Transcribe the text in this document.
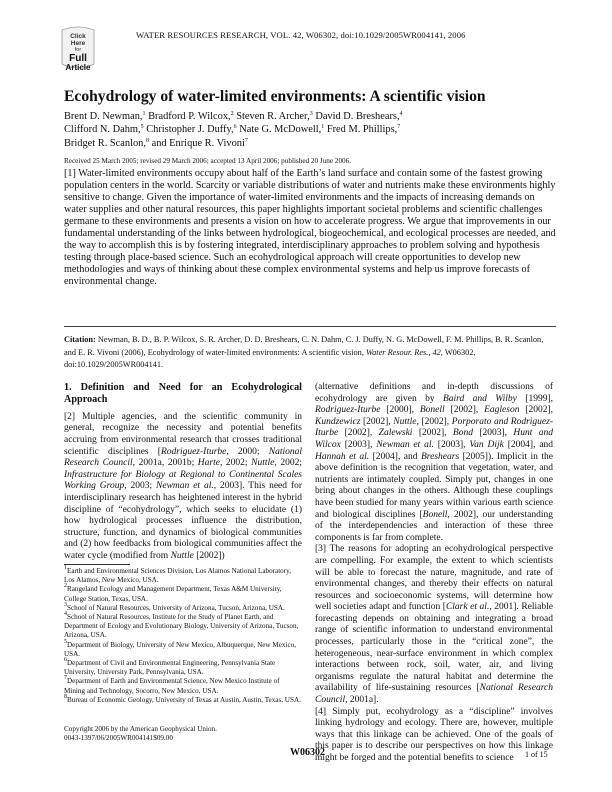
WATER RESOURCES RESEARCH, VOL. 42, W06302, doi:10.1029/2005WR004141, 2006
Click
Here
for
Full
Article
Ecohydrology of water-limited environments: A scientific vision
Brent D. Newman,$^1$ Bradford P. Wilcox,$^2$ Steven R. Archer,$^3$ David D. Breshears,$^4$
Clifford N. Dahm,$^5$ Christopher J. Duffy,$^6$ Nate G. McDowell,$^1$ Fred M. Phillips,$^7$
Bridget R. Scanlon,$^8$ and Enrique R. Vivoni$^7$
Received 25 March 2005; revised 29 March 2006; accepted 13 April 2006; published 20 June 2006.

[1] Water-limited environments occupy about half of the Earth’s land surface and contain some of the fastest growing population centers in the world. Scarcity or variable distributions of water and nutrients make these environments highly sensitive to change. Given the importance of water-limited environments and the impacts of increasing demands on water supplies and other natural resources, this paper highlights important societal problems and scientific challenges germane to these environments and presents a vision on how to accelerate progress. We argue that improvements in our fundamental understanding of the links between hydrological, biogeochemical, and ecological processes are needed, and the way to accomplish this is by fostering integrated, interdisciplinary approaches to problem solving and hypothesis testing through place-based science. Such an ecohydrological approach will create opportunities to develop new methodologies and ways of thinking about these complex environmental systems and help us improve forecasts of environmental change.

Citation: Newman, B. D., B. P. Wilcox, S. R. Archer, D. D. Breshears, C. N. Dahm, C. J. Duffy, N. G. McDowell, F. M. Phillips, B. R. Scanlon, and E. R. Vivoni (2006), Ecohydrology of water-limited environments: A scientific vision, Water Resour. Res., 42, W06302, doi:10.1029/2005WR004141.
1. Definition and Need for an Ecohydrological Approach

[2] Multiple agencies, and the scientific community in general, recognize the necessity and potential benefits accruing from environmental research that crosses traditional scientific disciplines [Rodriguez-Iturbe, 2000; National Research Council, 2001a, 2001b; Harte, 2002; Nuttle, 2002; Infrastructure for Biology at Regional to Continental Scales Working Group, 2003; Newman et al., 2003]. This need for interdisciplinary research has heightened interest in the hybrid discipline of “ecohydrology”, which seeks to elucidate (1) how hydrological processes influence the distribution, structure, function, and dynamics of biological communities and (2) how feedbacks from biological communities affect the water cycle (modified from Nuttle [2002])

$^1$Earth and Environmental Sciences Division, Los Alamos National Laboratory, Los Alamos, New Mexico, USA.
$^2$Rangeland Ecology and Management Department, Texas A&M University, College Station, Texas, USA.
$^3$School of Natural Resources, University of Arizona, Tucson, Arizona, USA.
$^4$School of Natural Resources, Institute for the Study of Planet Earth, and Department of Ecology and Evolutionary Biology, University of Arizona, Tucson, Arizona, USA.
$^5$Department of Biology, University of New Mexico, Albuquerque, New Mexico, USA.
$^6$Department of Civil and Environmental Engineering, Pennsylvania State University, University Park, Pennsylvania, USA.
$^7$Department of Earth and Environmental Science, New Mexico Institute of Mining and Technology, Socorro, New Mexico, USA.
$^8$Bureau of Economic Geology, University of Texas at Austin, Austin, Texas, USA.
Copyright 2006 by the American Geophysical Union.
0043-1397/06/2005WR004141$09.00

(alternative definitions and in-depth discussions of ecohydrology are given by Baird and Wilby [1999], Rodriguez-Iturbe [2000], Bonell [2002], Eagleson [2002], Kundzewicz [2002], Nuttle, [2002], Porporato and Rodriguez-Iturbe [2002], Zalewski [2002], Bond [2003], Hunt and Wilcox [2003], Newman et al. [2003], Van Dijk [2004], and Hannah et al. [2004], and Breshears [2005]). Implicit in the above definition is the recognition that vegetation, water, and nutrients are intimately coupled. Simply put, changes in one bring about changes in the others. Although these couplings have been studied for many years within various earth science and biological disciplines [Bonell, 2002], our understanding of the interdependencies and interaction of these three components is far from complete.

[3] The reasons for adopting an ecohydrological perspective are compelling. For example, the extent to which scientists will be able to forecast the nature, magnitude, and rate of environmental changes, and thereby their effects on natural resources and socioeconomic systems, will determine how well societies adapt and function [Clark et al., 2001]. Reliable forecasting depends on obtaining and integrating a broad range of scientific information to understand environmental processes, particularly those in the “critical zone”, the heterogeneous, near-surface environment in which complex interactions between rock, soil, water, air, and living organisms regulate the natural habitat and determine the availability of life-sustaining resources [National Research Council, 2001a].

[4] Simply put, ecohydrology as a “discipline” involves linking hydrology and ecology. There are, however, multiple ways that this linkage can be achieved. One of the goals of this paper is to describe our perspectives on how this linkage might be forged and the potential benefits to science

W06302	1 of 15
